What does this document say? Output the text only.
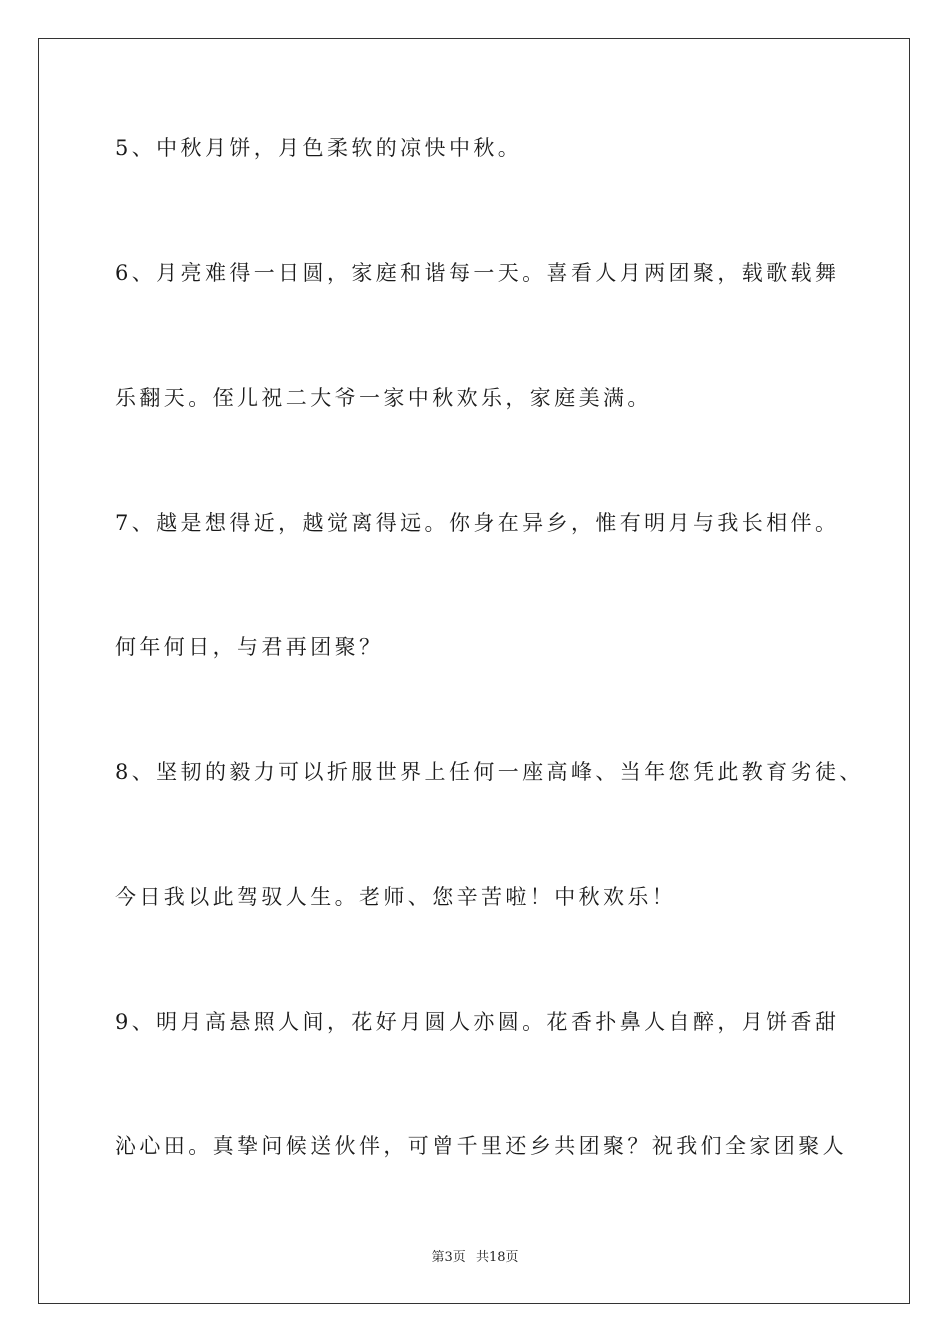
5、中秋月饼，月色柔软的凉快中秋。
6、月亮难得一日圆，家庭和谐每一天。喜看人月两团聚，载歌载舞
乐翻天。侄儿祝二大爷一家中秋欢乐，家庭美满。
7、越是想得近，越觉离得远。你身在异乡，惟有明月与我长相伴。
何年何日，与君再团聚？
8、坚韧的毅力可以折服世界上任何一座高峰、当年您凭此教育劣徒、
今日我以此驾驭人生。老师、您辛苦啦！中秋欢乐！
9、明月高悬照人间，花好月圆人亦圆。花香扑鼻人自醉，月饼香甜
沁心田。真挚问候送伙伴，可曾千里还乡共团聚？祝我们全家团聚人
第3页 共18页
